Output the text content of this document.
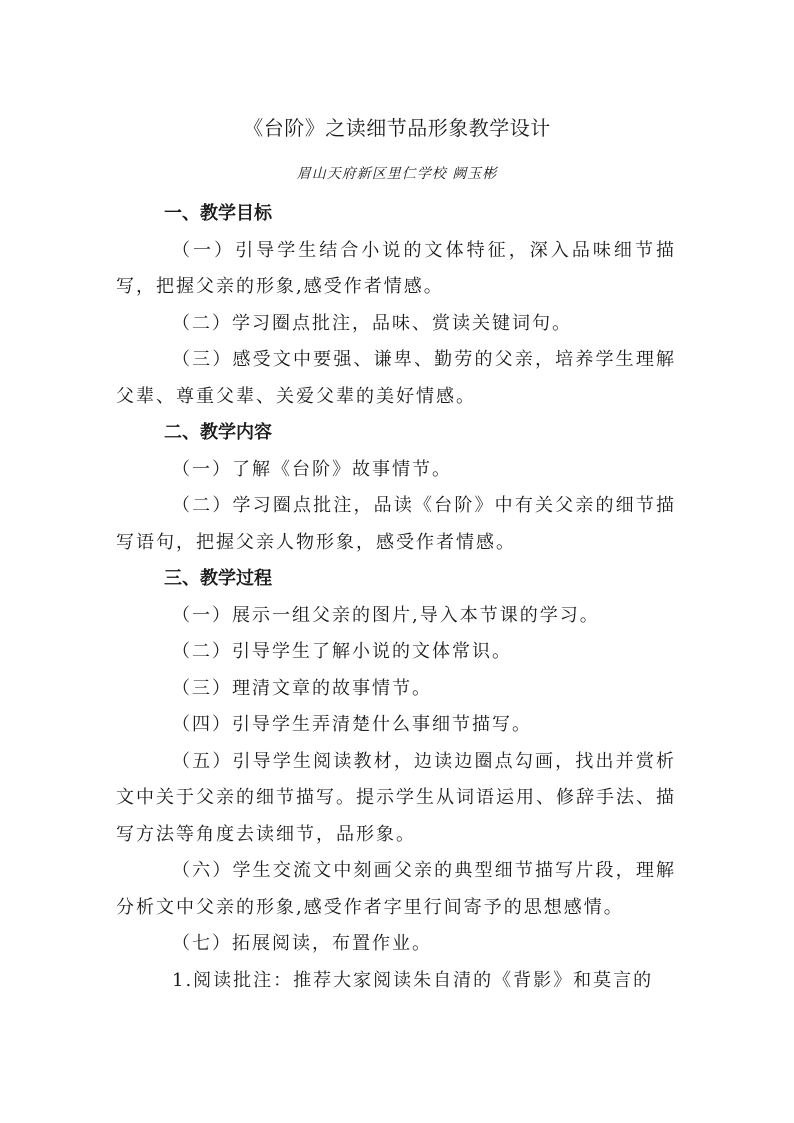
《台阶》之读细节品形象教学设计
眉山天府新区里仁学校 阙玉彬

一、教学目标

（一）引导学生结合小说的文体特征，深入品味细节描写，把握父亲的形象,感受作者情感。

（二）学习圈点批注，品味、赏读关键词句。

（三）感受文中要强、谦卑、勤劳的父亲，培养学生理解父辈、尊重父辈、关爱父辈的美好情感。

二、教学内容

（一）了解《台阶》故事情节。

（二）学习圈点批注，品读《台阶》中有关父亲的细节描写语句，把握父亲人物形象，感受作者情感。

三、教学过程

（一）展示一组父亲的图片,导入本节课的学习。

（二）引导学生了解小说的文体常识。

（三）理清文章的故事情节。

（四）引导学生弄清楚什么事细节描写。

（五）引导学生阅读教材，边读边圈点勾画，找出并赏析文中关于父亲的细节描写。提示学生从词语运用、修辞手法、描写方法等角度去读细节，品形象。

（六）学生交流文中刻画父亲的典型细节描写片段，理解分析文中父亲的形象,感受作者字里行间寄予的思想感情。

（七）拓展阅读，布置作业。

1.阅读批注：推荐大家阅读朱自清的《背影》和莫言的
